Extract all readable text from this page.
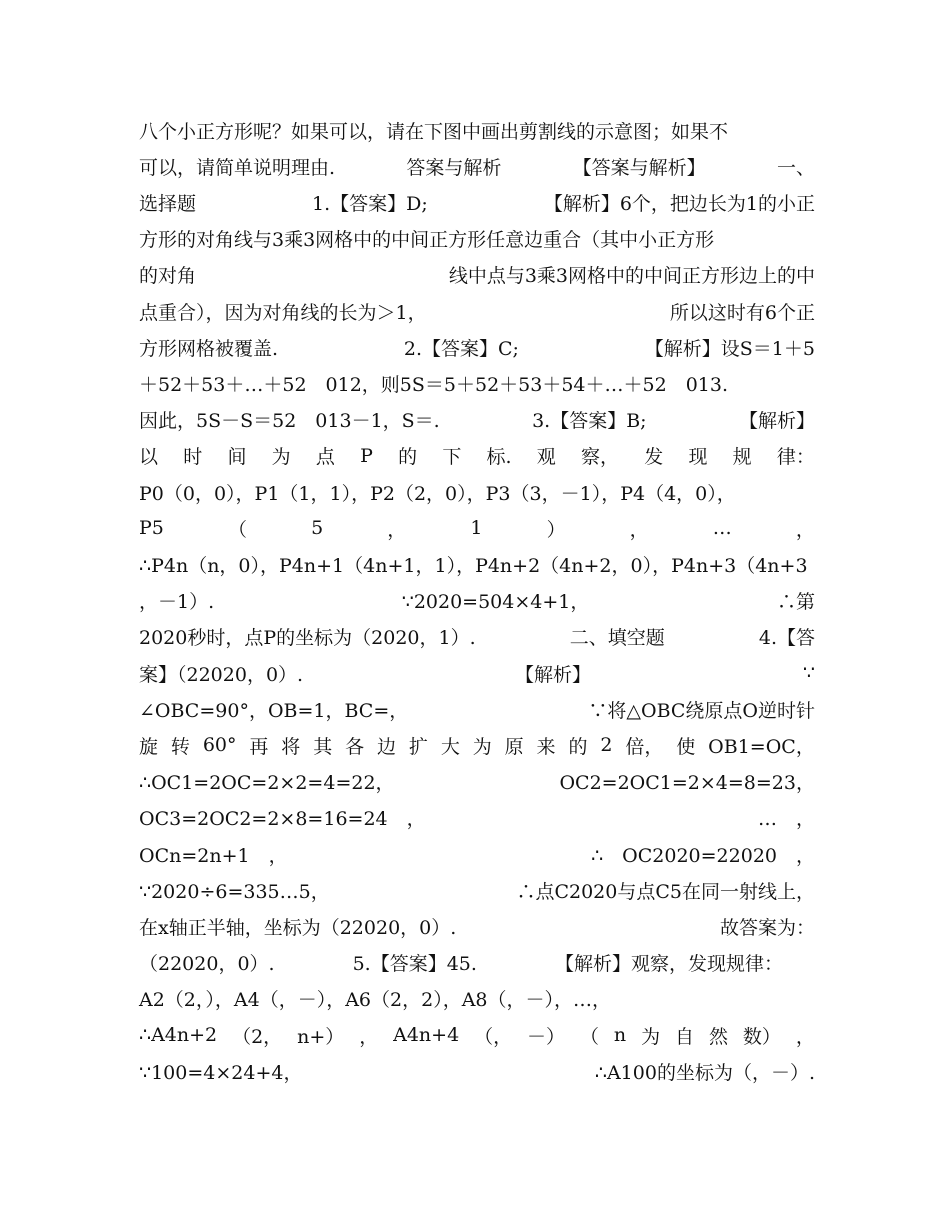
八个小正方形呢？如果可以，请在下图中画出剪割线的示意图；如果不
可以，请简单说明理由.	答案与解析	【答案与解析】	一、
选择题	1.【答案】D;	【解析】6个，把边长为1的小正
方形的对角线与3乘3网格中的中间正方形任意边重合（其中小正方形
的对角	线中点与3乘3网格中的中间正方形边上的中
点重合），因为对角线的长为＞1，	所以这时有6个正
方形网格被覆盖.	2.【答案】C;	【解析】设S＝1＋5
＋52＋53＋…＋52　012，则5S＝5＋52＋53＋54＋…＋52　013.
因此，5S－S＝52　013－1，S＝.	3.【答案】B;	【解析】
以 时 间 为 点 P 的 下 标. 观 察， 发 现 规 律：
P0（0，0），P1（1，1），P2（2，0），P3（3，－1），P4（4，0），
P5	（	5	，	1	）	，	…	，
∴P4n（n，0），P4n+1（4n+1，1），P4n+2（4n+2，0），P4n+3（4n+3
，－1）.	∵2020=504×4+1，	∴第
2020秒时，点P的坐标为（2020，1）.	二、填空题	4.【答
案】（22020，0）.	【解析】	∵
∠OBC=90°，OB=1，BC=，	∵将△OBC绕原点O逆时针
旋 转 60° 再 将 其 各 边 扩 大 为 原 来 的 2 倍， 使 OB1=OC，
∴OC1=2OC=2×2=4=22，	OC2=2OC1=2×4=8=23，
OC3=2OC2=2×8=16=24　，	…　，
OCn=2n+1　，	∴　OC2020=22020　，
∵2020÷6=335…5，	∴点C2020与点C5在同一射线上，
在x轴正半轴，坐标为（22020，0）.	故答案为：
（22020，0）.	5.【答案】45.	【解析】观察，发现规律：
A2（2，），A4（，－），A6（2，2），A8（，－），…，
∴A4n+2 （2， n+） ， A4n+4 （， －） （ n 为 自 然 数） ，
∵100=4×24+4，	∴A100的坐标为（，－）.
